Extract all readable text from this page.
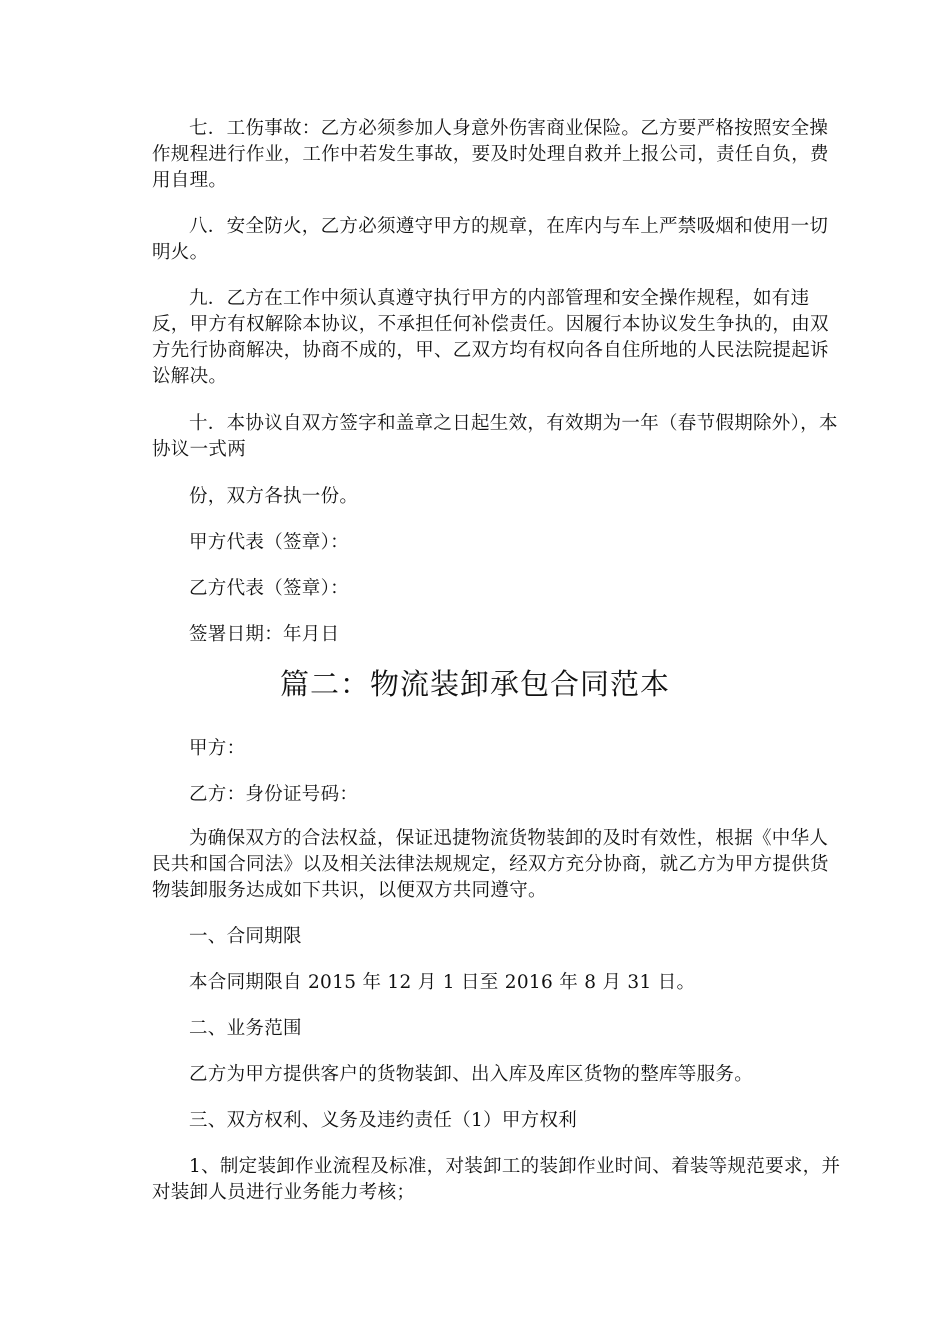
七．工伤事故：乙方必须参加人身意外伤害商业保险。乙方要严格按照安全操作规程进行作业，工作中若发生事故，要及时处理自救并上报公司，责任自负，费用自理。

八．安全防火，乙方必须遵守甲方的规章，在库内与车上严禁吸烟和使用一切明火。

九．乙方在工作中须认真遵守执行甲方的内部管理和安全操作规程，如有违反，甲方有权解除本协议，不承担任何补偿责任。因履行本协议发生争执的，由双方先行协商解决，协商不成的，甲、乙双方均有权向各自住所地的人民法院提起诉讼解决。

十．本协议自双方签字和盖章之日起生效，有效期为一年（春节假期除外），本协议一式两

份，双方各执一份。

甲方代表（签章）：

乙方代表（签章）：

签署日期：年月日

篇二：物流装卸承包合同范本

甲方：

乙方：身份证号码：

为确保双方的合法权益，保证迅捷物流货物装卸的及时有效性，根据《中华人民共和国合同法》以及相关法律法规规定，经双方充分协商，就乙方为甲方提供货物装卸服务达成如下共识，以便双方共同遵守。

一、合同期限

本合同期限自 2015 年 12 月 1 日至 2016 年 8 月 31 日。

二、业务范围

乙方为甲方提供客户的货物装卸、出入库及库区货物的整库等服务。

三、双方权利、义务及违约责任（1）甲方权利

1、制定装卸作业流程及标准，对装卸工的装卸作业时间、着装等规范要求，并对装卸人员进行业务能力考核；
